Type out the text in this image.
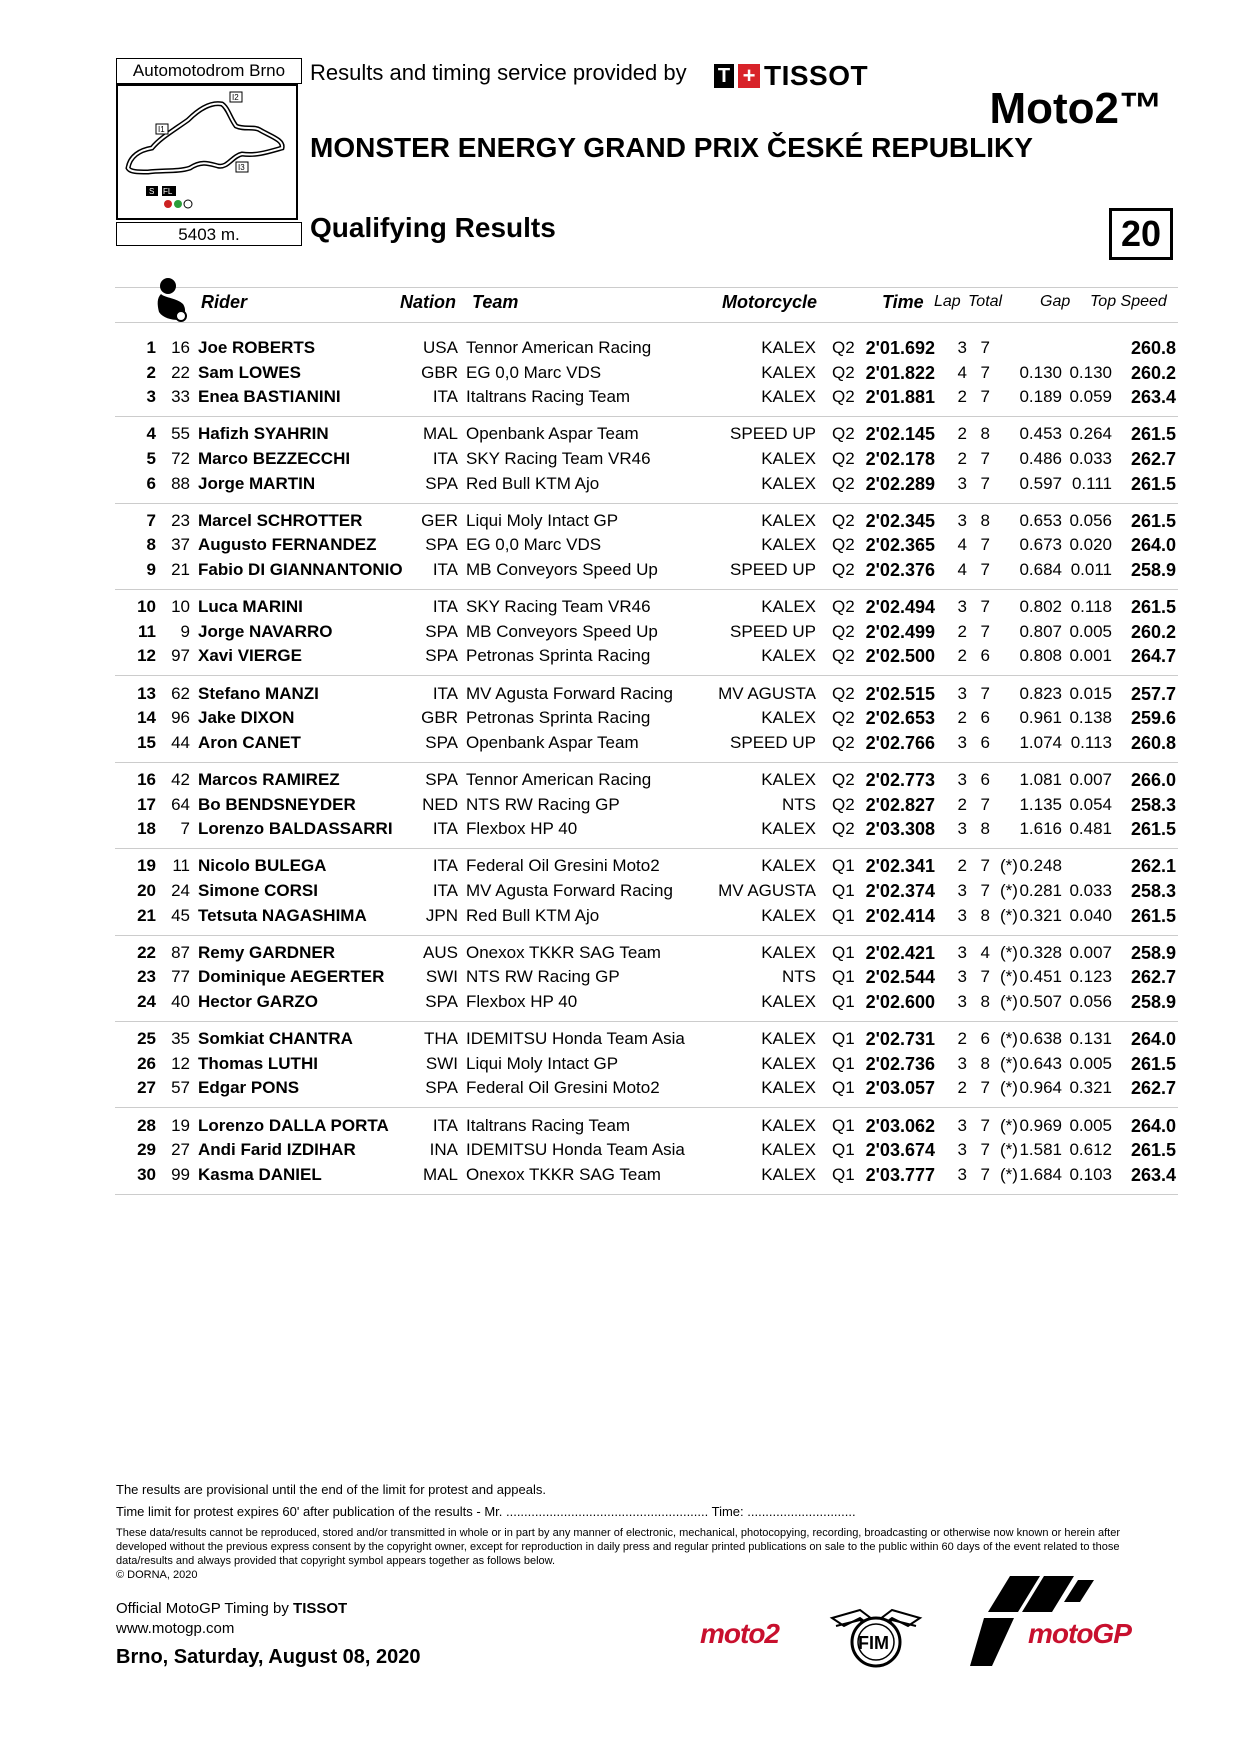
Automotodrom Brno
I1
I2
I3
S FL
5403 m.
Results and timing service provided by T + TISSOT
Moto2™
MONSTER ENERGY GRAND PRIX ČESKÉ REPUBLIKY
Qualifying Results	20
Rider	Nation Team	Motorcycle	Time Lap Total Gap Top Speed
1 16 Joe ROBERTS	USA Tennor American Racing	KALEX Q2 2'01.692 3 7	260.8
2 22 Sam LOWES	GBR EG 0,0 Marc VDS	KALEX Q2 2'01.822 4 7 0.130 0.130 260.2
3 33 Enea BASTIANINI	ITA Italtrans Racing Team	KALEX Q2 2'01.881 2 7 0.189 0.059 263.4
4 55 Hafizh SYAHRIN	MAL Openbank Aspar Team	SPEED UP Q2 2'02.145 2 8 0.453 0.264 261.5
5 72 Marco BEZZECCHI	ITA SKY Racing Team VR46	KALEX Q2 2'02.178 2 7 0.486 0.033 262.7
6 88 Jorge MARTIN	SPA Red Bull KTM Ajo	KALEX Q2 2'02.289 3 7 0.597 0.111 261.5
7 23 Marcel SCHROTTER	GER Liqui Moly Intact GP	KALEX Q2 2'02.345 3 8 0.653 0.056 261.5
8 37 Augusto FERNANDEZ	SPA EG 0,0 Marc VDS	KALEX Q2 2'02.365 4 7 0.673 0.020 264.0
9 21 Fabio DI GIANNANTONIO	ITA MB Conveyors Speed Up	SPEED UP Q2 2'02.376 4 7 0.684 0.011 258.9
10 10 Luca MARINI	ITA SKY Racing Team VR46	KALEX Q2 2'02.494 3 7 0.802 0.118 261.5
11 9 Jorge NAVARRO	SPA MB Conveyors Speed Up	SPEED UP Q2 2'02.499 2 7 0.807 0.005 260.2
12 97 Xavi VIERGE	SPA Petronas Sprinta Racing	KALEX Q2 2'02.500 2 6 0.808 0.001 264.7
13 62 Stefano MANZI	ITA MV Agusta Forward Racing	MV AGUSTA Q2 2'02.515 3 7 0.823 0.015 257.7
14 96 Jake DIXON	GBR Petronas Sprinta Racing	KALEX Q2 2'02.653 2 6 0.961 0.138 259.6
15 44 Aron CANET	SPA Openbank Aspar Team	SPEED UP Q2 2'02.766 3 6 1.074 0.113 260.8
16 42 Marcos RAMIREZ	SPA Tennor American Racing	KALEX Q2 2'02.773 3 6 1.081 0.007 266.0
17 64 Bo BENDSNEYDER	NED NTS RW Racing GP	NTS Q2 2'02.827 2 7 1.135 0.054 258.3
18 7 Lorenzo BALDASSARRI	ITA Flexbox HP 40	KALEX Q2 2'03.308 3 8 1.616 0.481 261.5
19 11 Nicolo BULEGA	ITA Federal Oil Gresini Moto2	KALEX Q1 2'02.341 2 7 (*) 0.248	262.1
20 24 Simone CORSI	ITA MV Agusta Forward Racing	MV AGUSTA Q1 2'02.374 3 7 (*) 0.281 0.033 258.3
21 45 Tetsuta NAGASHIMA	JPN Red Bull KTM Ajo	KALEX Q1 2'02.414 3 8 (*) 0.321 0.040 261.5
22 87 Remy GARDNER	AUS Onexox TKKR SAG Team	KALEX Q1 2'02.421 3 4 (*) 0.328 0.007 258.9
23 77 Dominique AEGERTER	SWI NTS RW Racing GP	NTS Q1 2'02.544 3 7 (*) 0.451 0.123 262.7
24 40 Hector GARZO	SPA Flexbox HP 40	KALEX Q1 2'02.600 3 8 (*) 0.507 0.056 258.9
25 35 Somkiat CHANTRA	THA IDEMITSU Honda Team Asia	KALEX Q1 2'02.731 2 6 (*) 0.638 0.131 264.0
26 12 Thomas LUTHI	SWI Liqui Moly Intact GP	KALEX Q1 2'02.736 3 8 (*) 0.643 0.005 261.5
27 57 Edgar PONS	SPA Federal Oil Gresini Moto2	KALEX Q1 2'03.057 2 7 (*) 0.964 0.321 262.7
28 19 Lorenzo DALLA PORTA	ITA Italtrans Racing Team	KALEX Q1 2'03.062 3 7 (*) 0.969 0.005 264.0
29 27 Andi Farid IZDIHAR	INA IDEMITSU Honda Team Asia	KALEX Q1 2'03.674 3 7 (*) 1.581 0.612 261.5
30 99 Kasma DANIEL	MAL Onexox TKKR SAG Team	KALEX Q1 2'03.777 3 7 (*) 1.684 0.103 263.4
The results are provisional until the end of the limit for protest and appeals.
Time limit for protest expires 60' after publication of the results - Mr. ........................................................ Time: ..............................
These data/results cannot be reproduced, stored and/or transmitted in whole or in part by any manner of electronic, mechanical, photocopying, recording, broadcasting or otherwise now known or herein after developed without the previous express consent by the copyright owner, except for reproduction in daily press and regular printed publications on sale to the public within 60 days of the event related to those data/results and always provided that copyright symbol appears together as follows below.
© DORNA, 2020
Official MotoGP Timing by TISSOT
www.motogp.com
Brno, Saturday, August 08, 2020
moto2	FIM	motoGP
